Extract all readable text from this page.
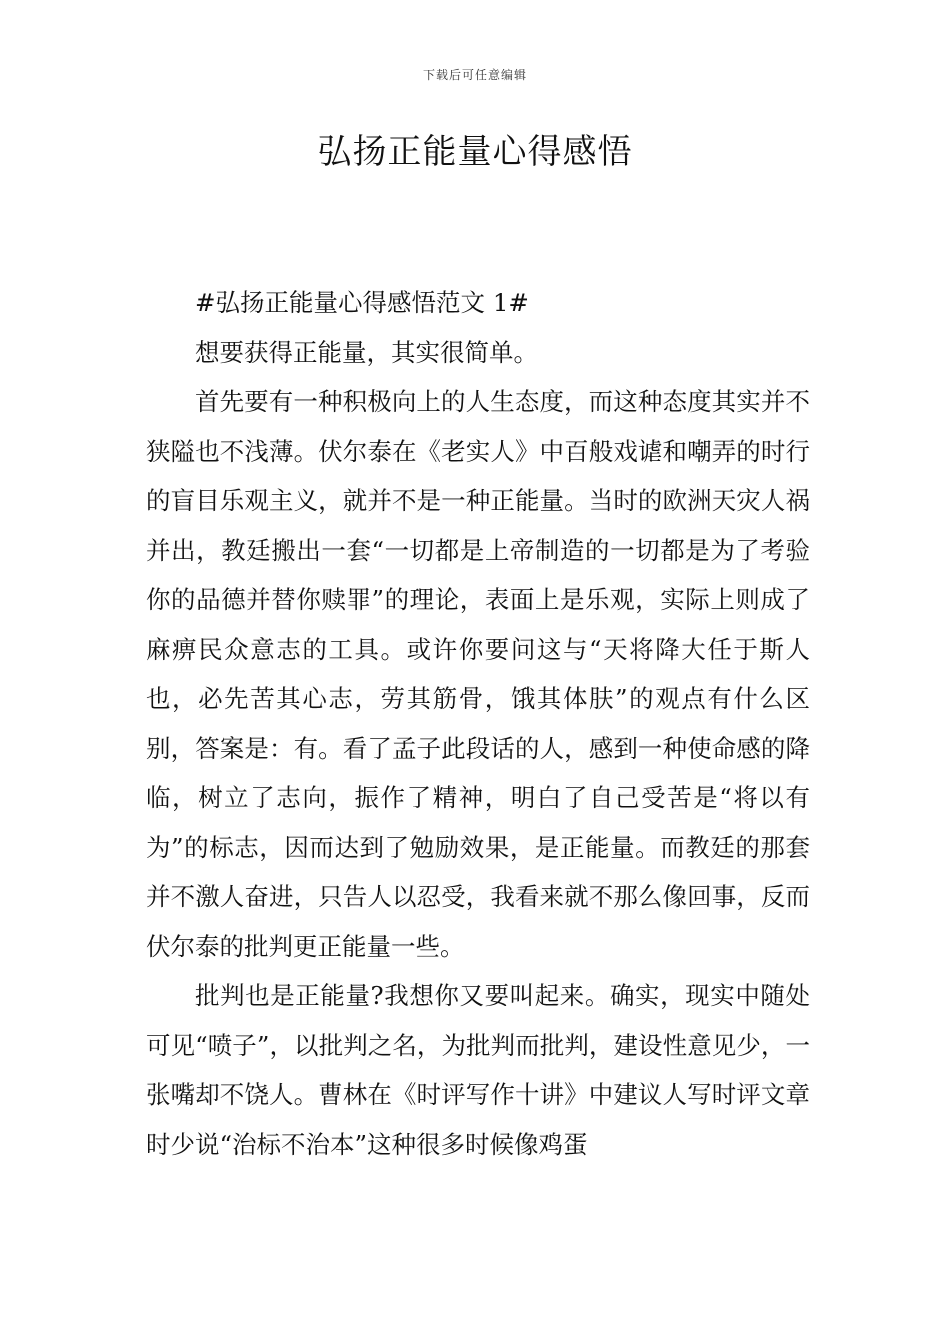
下载后可任意编辑
弘扬正能量心得感悟

#弘扬正能量心得感悟范文 1#

想要获得正能量，其实很简单。

首先要有一种积极向上的人生态度，而这种态度其实并不狭隘也不浅薄。伏尔泰在《老实人》中百般戏谑和嘲弄的时行的盲目乐观主义，就并不是一种正能量。当时的欧洲天灾人祸并出，教廷搬出一套“一切都是上帝制造的一切都是为了考验你的品德并替你赎罪”的理论，表面上是乐观，实际上则成了麻痹民众意志的工具。或许你要问这与“天将降大任于斯人也，必先苦其心志，劳其筋骨，饿其体肤”的观点有什么区别，答案是：有。看了孟子此段话的人，感到一种使命感的降临，树立了志向，振作了精神，明白了自己受苦是“将以有为”的标志，因而达到了勉励效果，是正能量。而教廷的那套并不激人奋进，只告人以忍受，我看来就不那么像回事，反而伏尔泰的批判更正能量一些。

批判也是正能量?我想你又要叫起来。确实，现实中随处可见“喷子”，以批判之名，为批判而批判，建设性意见少，一张嘴却不饶人。曹林在《时评写作十讲》中建议人写时评文章时少说“治标不治本”这种很多时候像鸡蛋
